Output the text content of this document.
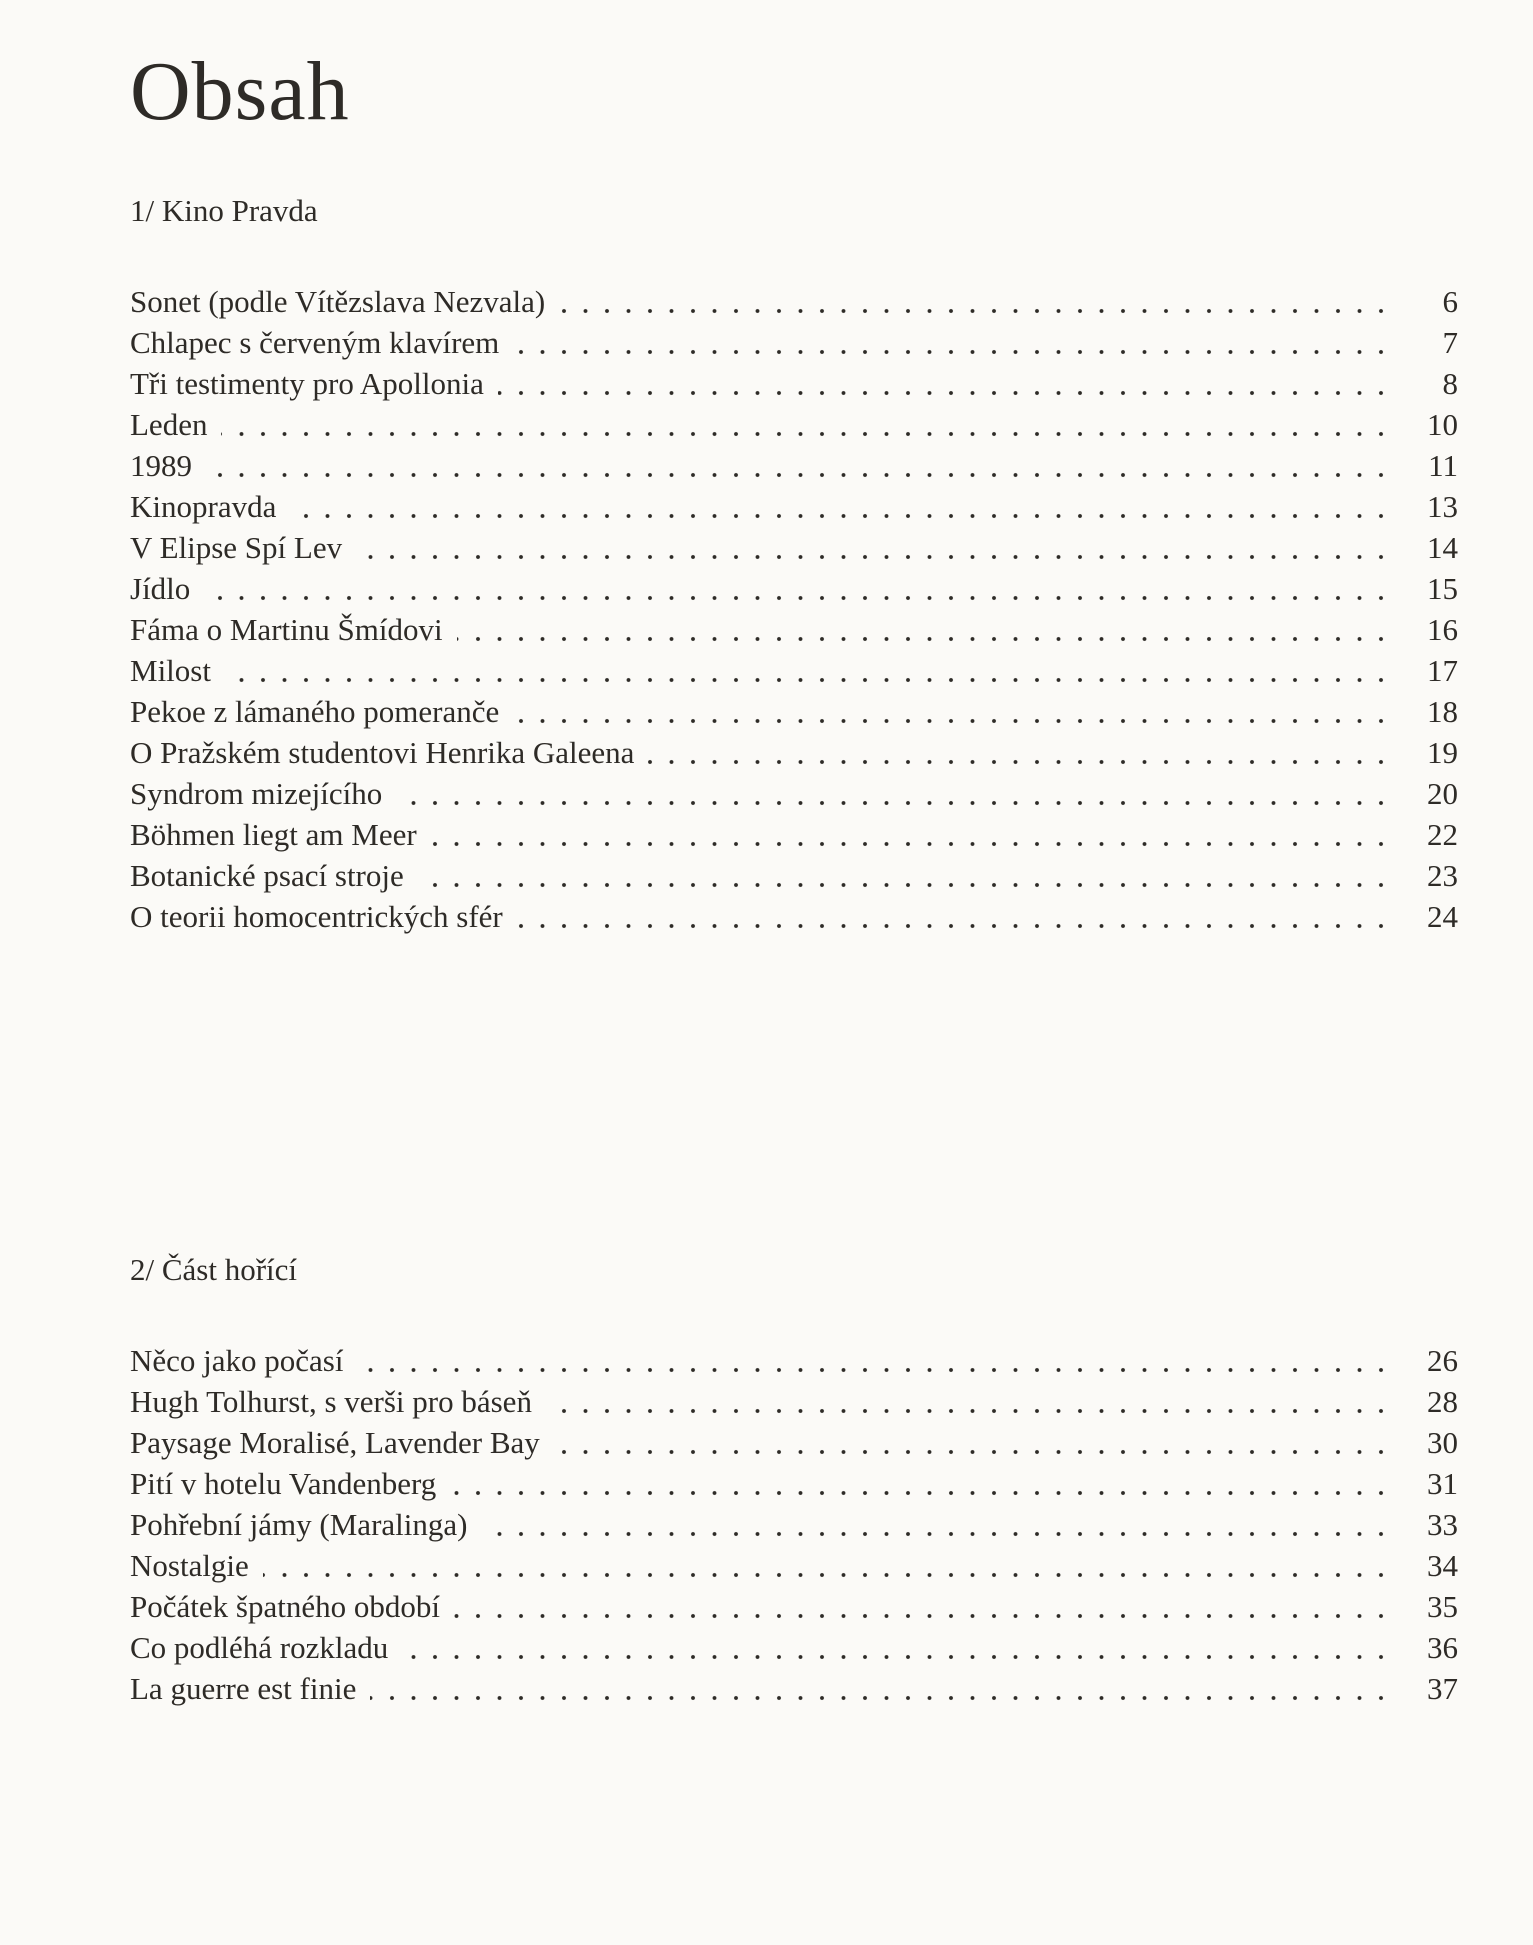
Obsah
1/ Kino Pravda
Sonet (podle Vítězslava Nezvala)	6
Chlapec s červeným klavírem	7
Tři testimenty pro Apollonia	8
Leden	10
1989	11
Kinopravda	13
V Elipse Spí Lev	14
Jídlo	15
Fáma o Martinu Šmídovi	16
Milost	17
Pekoe z lámaného pomeranče	18
O Pražském studentovi Henrika Galeena	19
Syndrom mizejícího	20
Böhmen liegt am Meer	22
Botanické psací stroje	23
O teorii homocentrických sfér	24
2/ Část hořící
Něco jako počasí	26
Hugh Tolhurst, s verši pro báseň	28
Paysage Moralisé, Lavender Bay	30
Pití v hotelu Vandenberg	31
Pohřební jámy (Maralinga)	33
Nostalgie	34
Počátek špatného období	35
Co podléhá rozkladu	36
La guerre est finie	37
